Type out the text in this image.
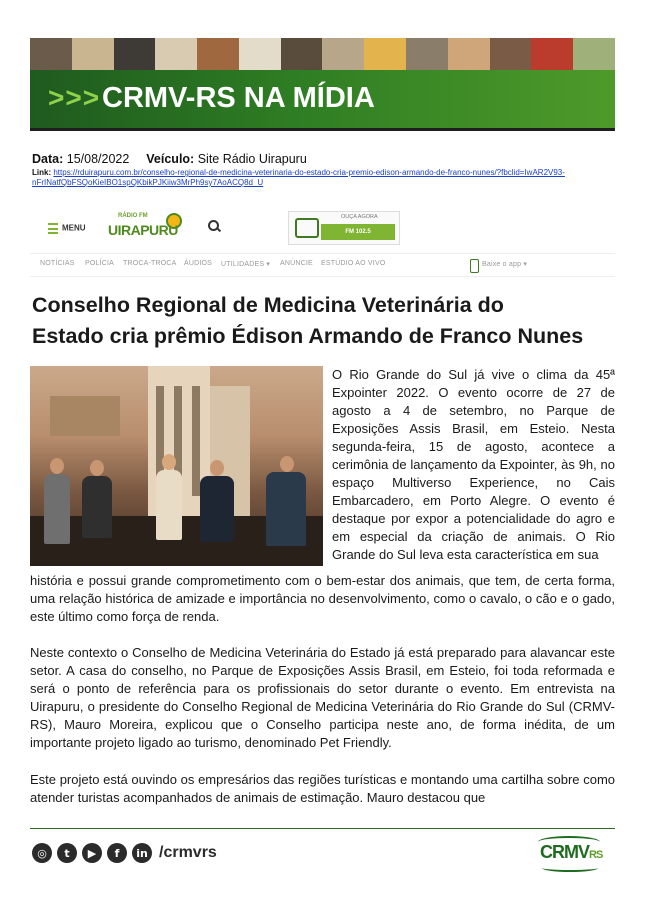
>>> CRMV-RS NA MÍDIA
Data: 15/08/2022 Veículo: Site Rádio Uirapuru
Link: https://rduirapuru.com.br/conselho-regional-de-medicina-veterinaria-do-estado-cria-premio-edison-armando-de-franco-nunes/?fbclid=IwAR2V93-nFrINatfQbFSQoKieIBO1spQKbikPJKiiw3MrPh9sy7AoACQ8d_U
MENU
RÁDIO FM
UIRAPURU
OUÇA AGORA
FM 102.5
NOTÍCIAS POLÍCIA TROCA-TROCA ÁUDIOS UTILIDADES ▾ ANÚNCIE ESTÚDIO AO VIVO	Baixe o app ▾
Conselho Regional de Medicina Veterinária do
Estado cria prêmio Édison Armando de Franco Nunes
O Rio Grande do Sul já vive o clima da 45ª Expointer 2022. O evento ocorre de 27 de agosto a 4 de setembro, no Parque de Exposições Assis Brasil, em Esteio. Nesta segunda-feira, 15 de agosto, acontece a cerimônia de lançamento da Expointer, às 9h, no espaço Multiverso Experience, no Cais Embarcadero, em Porto Alegre. O evento é destaque por expor a potencialidade do agro e em especial da criação de animais. O Rio Grande do Sul leva esta característica em sua
história e possui grande comprometimento com o bem-estar dos animais, que tem, de certa forma, uma relação histórica de amizade e importância no desenvolvimento, como o cavalo, o cão e o gado, este último como força de renda.
Neste contexto o Conselho de Medicina Veterinária do Estado já está preparado para alavancar este setor. A casa do conselho, no Parque de Exposições Assis Brasil, em Esteio, foi toda reformada e será o ponto de referência para os profissionais do setor durante o evento. Em entrevista na Uirapuru, o presidente do Conselho Regional de Medicina Veterinária do Rio Grande do Sul (CRMV-RS), Mauro Moreira, explicou que o Conselho participa neste ano, de forma inédita, de um importante projeto ligado ao turismo, denominado Pet Friendly.
Este projeto está ouvindo os empresários das regiões turísticas e montando uma cartilha sobre como atender turistas acompanhados de animais de estimação. Mauro destacou que
◎	t	▶	f	in /crmvrs	CRMVRS
